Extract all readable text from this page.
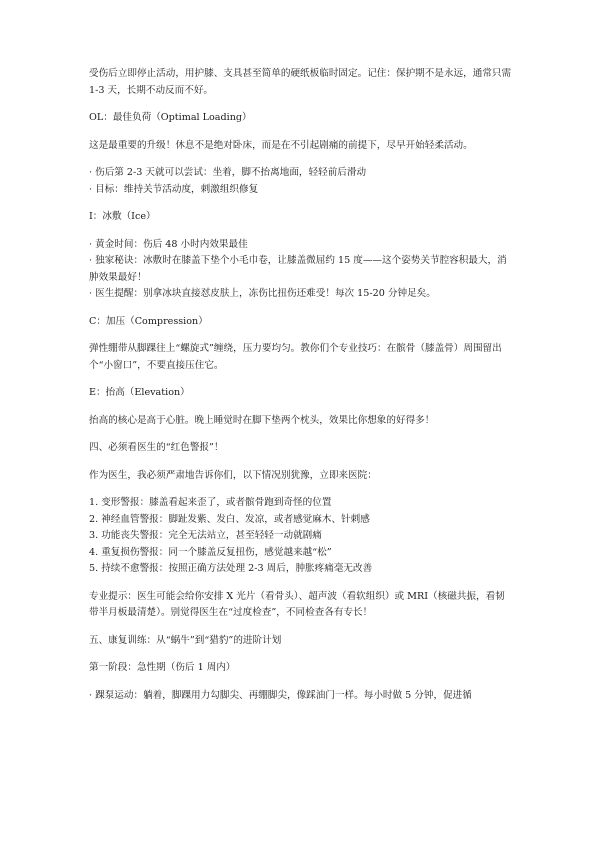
受伤后立即停止活动，用护膝、支具甚至简单的硬纸板临时固定。记住：保护期不是永远，通常只需 1-3 天，长期不动反而不好。

OL：最佳负荷（Optimal Loading）

这是最重要的升级！休息不是绝对卧床，而是在不引起剧痛的前提下，尽早开始轻柔活动。

· 伤后第 2-3 天就可以尝试：坐着，脚不抬离地面，轻轻前后滑动

· 目标：维持关节活动度，刺激组织修复

I：冰敷（Ice）

· 黄金时间：伤后 48 小时内效果最佳

· 独家秘诀：冰敷时在膝盖下垫个小毛巾卷，让膝盖微屈约 15 度——这个姿势关节腔容积最大，消肿效果最好！

· 医生提醒：别拿冰块直接怼皮肤上，冻伤比扭伤还难受！每次 15-20 分钟足矣。

C：加压（Compression）

弹性绷带从脚踝往上“螺旋式”缠绕，压力要均匀。教你们个专业技巧：在髌骨（膝盖骨）周围留出个“小窗口”，不要直接压住它。

E：抬高（Elevation）

抬高的核心是高于心脏。晚上睡觉时在脚下垫两个枕头，效果比你想象的好得多！

四、必须看医生的“红色警报”！

作为医生，我必须严肃地告诉你们，以下情况别犹豫，立即来医院：

1. 变形警报：膝盖看起来歪了，或者髌骨跑到奇怪的位置

2. 神经血管警报：脚趾发紫、发白、发凉，或者感觉麻木、针刺感

3. 功能丧失警报：完全无法站立，甚至轻轻一动就剧痛

4. 重复损伤警报：同一个膝盖反复扭伤，感觉越来越“松”

5. 持续不愈警报：按照正确方法处理 2-3 周后，肿胀疼痛毫无改善

专业提示：医生可能会给你安排 X 光片（看骨头）、超声波（看软组织）或 MRI（核磁共振，看韧带半月板最清楚）。别觉得医生在“过度检查”，不同检查各有专长！

五、康复训练：从“蜗牛”到“猎豹”的进阶计划

第一阶段：急性期（伤后 1 周内）

· 踝泵运动：躺着，脚踝用力勾脚尖、再绷脚尖，像踩油门一样。每小时做 5 分钟，促进循
